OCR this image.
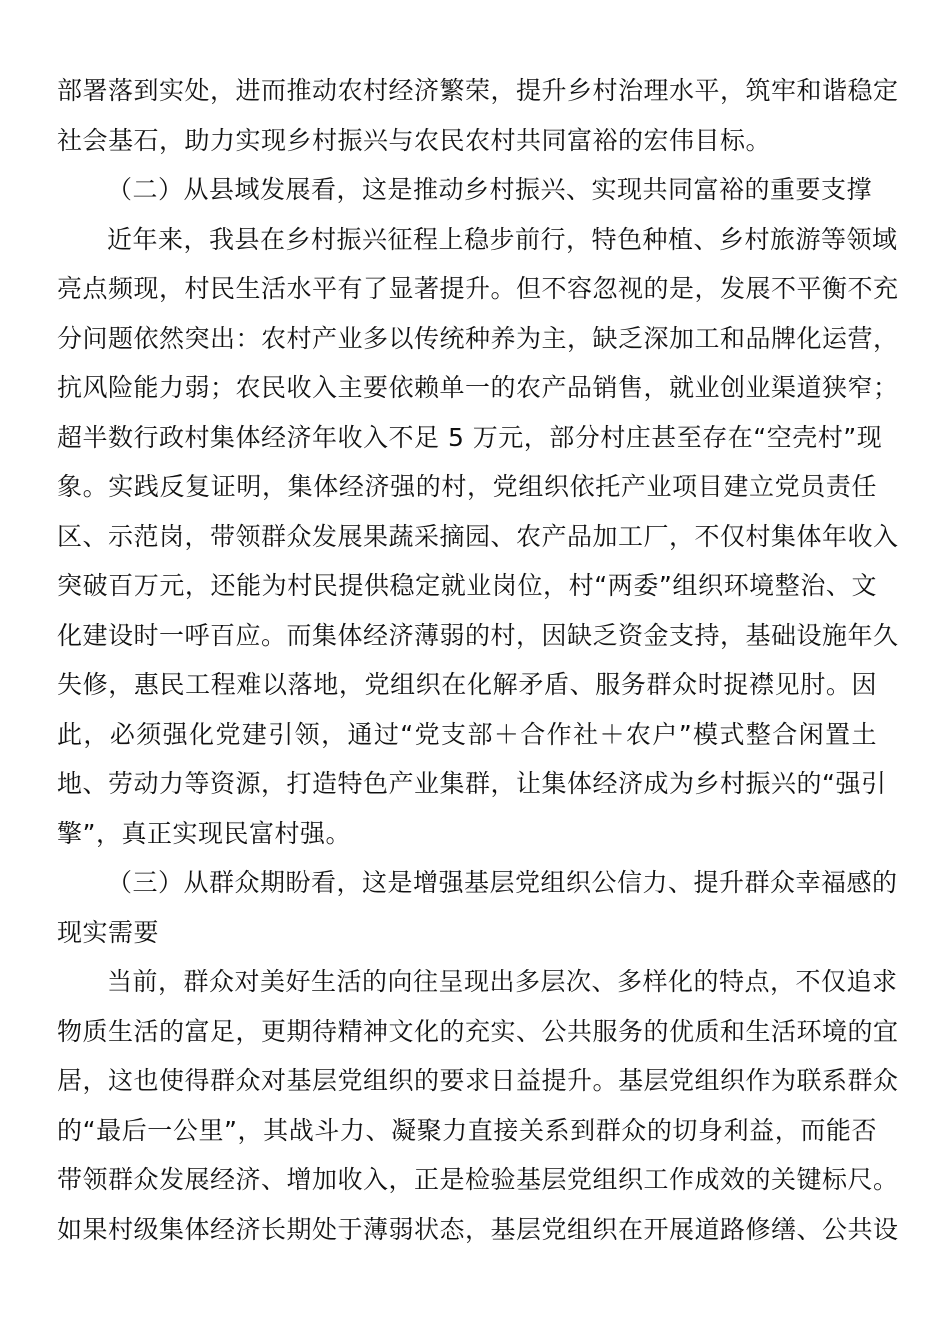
部署落到实处，进而推动农村经济繁荣，提升乡村治理水平，筑牢和谐稳定
社会基石，助力实现乡村振兴与农民农村共同富裕的宏伟目标。
（二）从县域发展看，这是推动乡村振兴、实现共同富裕的重要支撑
近年来，我县在乡村振兴征程上稳步前行，特色种植、乡村旅游等领域
亮点频现，村民生活水平有了显著提升。但不容忽视的是，发展不平衡不充
分问题依然突出：农村产业多以传统种养为主，缺乏深加工和品牌化运营，
抗风险能力弱；农民收入主要依赖单一的农产品销售，就业创业渠道狭窄；
超半数行政村集体经济年收入不足 5 万元，部分村庄甚至存在“空壳村”现
象。实践反复证明，集体经济强的村，党组织依托产业项目建立党员责任
区、示范岗，带领群众发展果蔬采摘园、农产品加工厂，不仅村集体年收入
突破百万元，还能为村民提供稳定就业岗位，村“两委”组织环境整治、文
化建设时一呼百应。而集体经济薄弱的村，因缺乏资金支持，基础设施年久
失修，惠民工程难以落地，党组织在化解矛盾、服务群众时捉襟见肘。因
此，必须强化党建引领，通过“党支部＋合作社＋农户”模式整合闲置土
地、劳动力等资源，打造特色产业集群，让集体经济成为乡村振兴的“强引
擎”，真正实现民富村强。
（三）从群众期盼看，这是增强基层党组织公信力、提升群众幸福感的
现实需要
当前，群众对美好生活的向往呈现出多层次、多样化的特点，不仅追求
物质生活的富足，更期待精神文化的充实、公共服务的优质和生活环境的宜
居，这也使得群众对基层党组织的要求日益提升。基层党组织作为联系群众
的“最后一公里”，其战斗力、凝聚力直接关系到群众的切身利益，而能否
带领群众发展经济、增加收入，正是检验基层党组织工作成效的关键标尺。
如果村级集体经济长期处于薄弱状态，基层党组织在开展道路修缮、公共设
